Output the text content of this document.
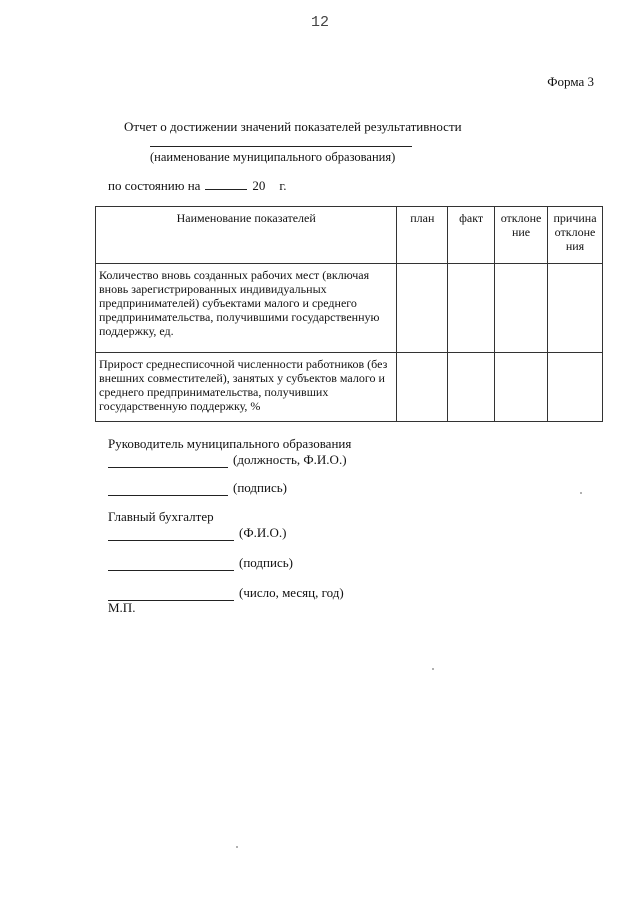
12
Форма 3
Отчет о достижении значений показателей результативности
(наименование муниципального образования)
по состоянию на	20 г.
Наименование показателей	план	факт	отклоне ние	причина отклоне ния
Количество вновь созданных рабочих мест (включая вновь зарегистрированных индивидуальных предпринимателей) субъектами малого и среднего предпринимательства, получившими государственную поддержку, ед.				
Прирост среднесписочной численности работников (без внешних совместителей), занятых у субъектов малого и среднего предпринимательства, получивших государственную поддержку, %				
Руководитель муниципального образования
(должность, Ф.И.О.)
(подпись)
Главный бухгалтер
(Ф.И.О.)
(подпись)
(число, месяц, год)
М.П.
